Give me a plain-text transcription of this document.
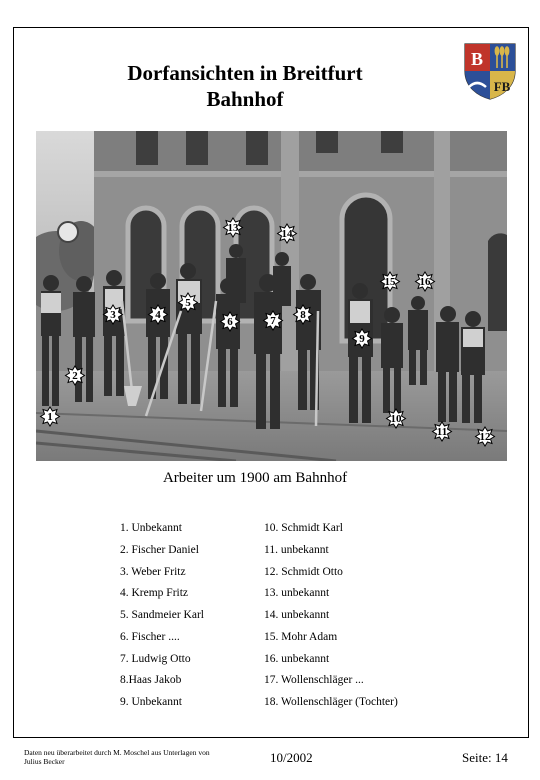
Dorfansichten in Breitfurt
Bahnhof
B
FB
1
2
3	4
5
6	7 8
9
10
11	12
13	14
15 16
Arbeiter um 1900 am Bahnhof
1. Unbekannt
2. Fischer Daniel
3. Weber Fritz
4. Kremp Fritz
5. Sandmeier Karl
6. Fischer ....
7. Ludwig Otto
8.Haas Jakob
9. Unbekannt
10. Schmidt Karl
11. unbekannt
12. Schmidt Otto
13. unbekannt
14. unbekannt
15. Mohr Adam
16. unbekannt
17. Wollenschläger ...
18. Wollenschläger (Tochter)
Daten neu überarbeitet durch M. Moschel aus Unterlagen von
Julius Becker	10/2002	Seite: 14
